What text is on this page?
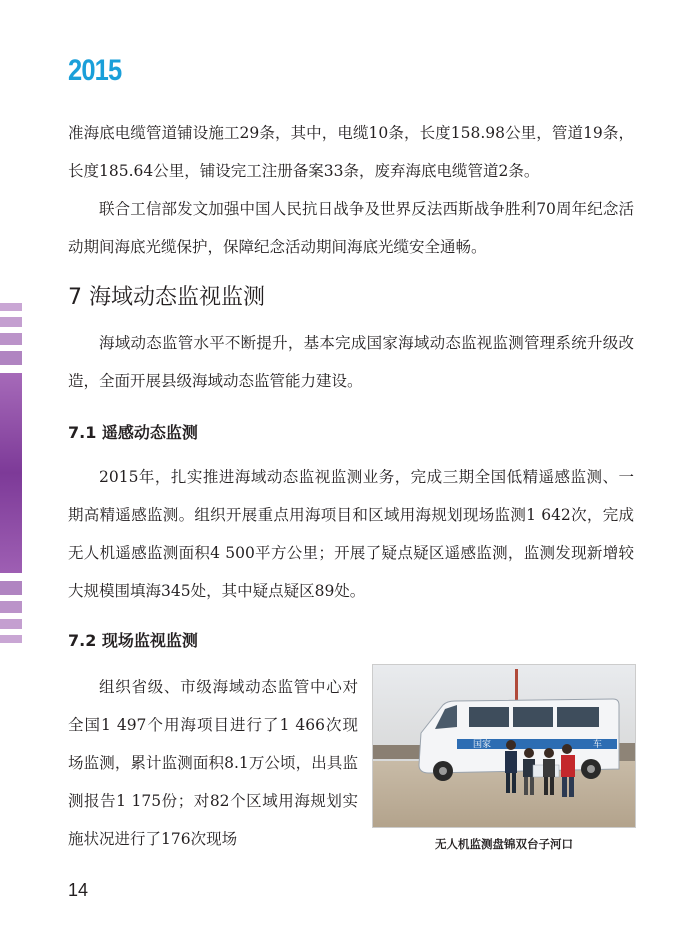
2015

准海底电缆管道铺设施工29条，其中，电缆10条，长度158.98公里，管道19条，长度185.64公里，铺设完工注册备案33条，废弃海底电缆管道2条。

联合工信部发文加强中国人民抗日战争及世界反法西斯战争胜利70周年纪念活动期间海底光缆保护，保障纪念活动期间海底光缆安全通畅。

7 海域动态监视监测

海域动态监管水平不断提升，基本完成国家海域动态监视监测管理系统升级改造，全面开展县级海域动态监管能力建设。

7.1 遥感动态监测

2015年，扎实推进海域动态监视监测业务，完成三期全国低精遥感监测、一期高精遥感监测。组织开展重点用海项目和区域用海规划现场监测1 642次，完成无人机遥感监测面积4 500平方公里；开展了疑点疑区遥感监测，监测发现新增较大规模围填海345处，其中疑点疑区89处。

7.2 现场监视监测

组织省级、市级海域动态监管中心对全国1 497个用海项目进行了1 466次现场监测，累计监测面积8.1万公顷，出具监测报告1 175份；对82个区域用海规划实施状况进行了176次现场

国家	车
无人机监测盘锦双台子河口
14
